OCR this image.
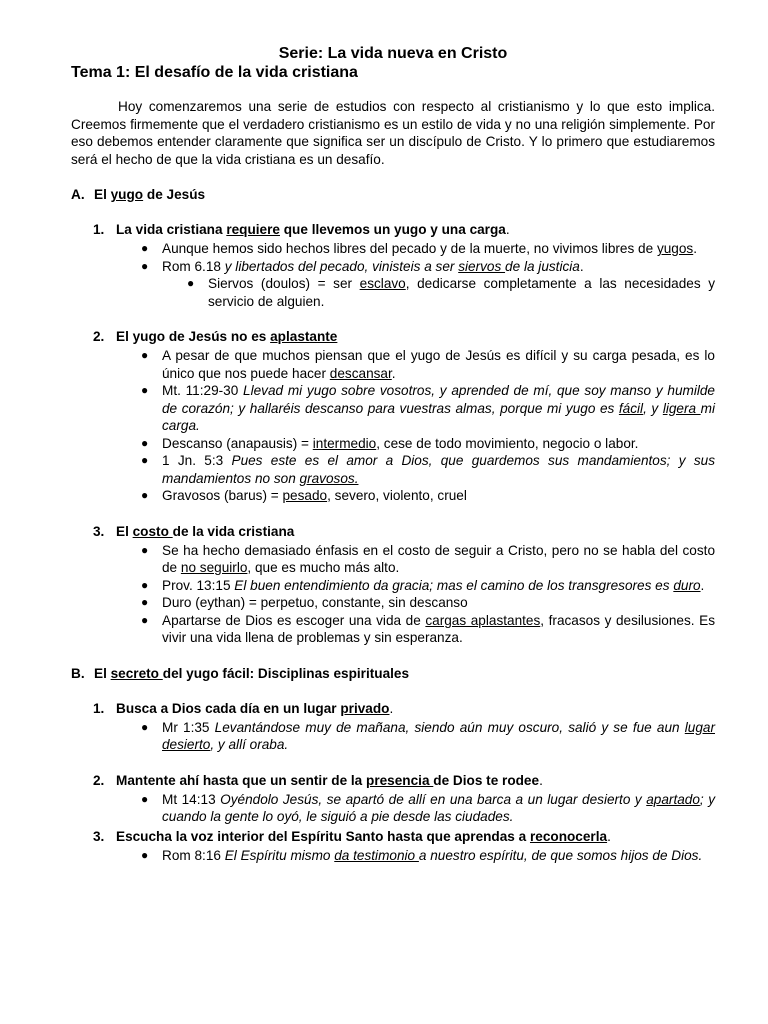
Serie: La vida nueva en Cristo

Tema 1: El desafío de la vida cristiana

Hoy comenzaremos una serie de estudios con respecto al cristianismo y lo que esto implica. Creemos firmemente que el verdadero cristianismo es un estilo de vida y no una religión simplemente. Por eso debemos entender claramente que significa ser un discípulo de Cristo. Y lo primero que estudiaremos será el hecho de que la vida cristiana es un desafío.

A. El yugo de Jesús
1. La vida cristiana requiere que llevemos un yugo y una carga.
● Aunque hemos sido hechos libres del pecado y de la muerte, no vivimos libres de yugos.
● Rom 6.18 y libertados del pecado, vinisteis a ser siervos de la justicia.
● Siervos (doulos) = ser esclavo, dedicarse completamente a las necesidades y servicio de alguien.
2. El yugo de Jesús no es aplastante
● A pesar de que muchos piensan que el yugo de Jesús es difícil y su carga pesada, es lo único que nos puede hacer descansar.
● Mt. 11:29-30 Llevad mi yugo sobre vosotros, y aprended de mí, que soy manso y humilde de corazón; y hallaréis descanso para vuestras almas, porque mi yugo es fácil, y ligera mi carga.
● Descanso (anapausis) = intermedio, cese de todo movimiento, negocio o labor.
● 1 Jn. 5:3 Pues este es el amor a Dios, que guardemos sus mandamientos; y sus mandamientos no son gravosos.
● Gravosos (barus) = pesado, severo, violento, cruel
3. El costo de la vida cristiana
● Se ha hecho demasiado énfasis en el costo de seguir a Cristo, pero no se habla del costo de no seguirlo, que es mucho más alto.
● Prov. 13:15 El buen entendimiento da gracia; mas el camino de los transgresores es duro.
● Duro (eythan) = perpetuo, constante, sin descanso
● Apartarse de Dios es escoger una vida de cargas aplastantes, fracasos y desilusiones. Es vivir una vida llena de problemas y sin esperanza.
B. El secreto del yugo fácil: Disciplinas espirituales
1. Busca a Dios cada día en un lugar privado.
● Mr 1:35 Levantándose muy de mañana, siendo aún muy oscuro, salió y se fue aun lugar desierto, y allí oraba.
2. Mantente ahí hasta que un sentir de la presencia de Dios te rodee.
● Mt 14:13 Oyéndolo Jesús, se apartó de allí en una barca a un lugar desierto y apartado; y cuando la gente lo oyó, le siguió a pie desde las ciudades.
3. Escucha la voz interior del Espíritu Santo hasta que aprendas a reconocerla.
● Rom 8:16 El Espíritu mismo da testimonio a nuestro espíritu, de que somos hijos de Dios.
